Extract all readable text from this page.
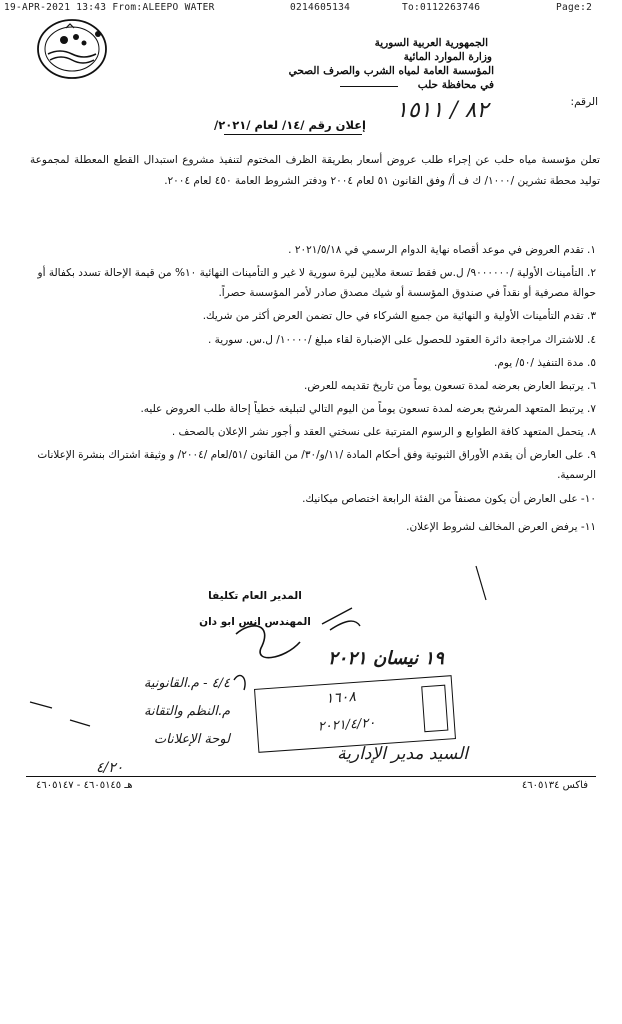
19-APR-2021 13:43 From:ALEEPO WATER	0214605134	To:0112263746	Page:2
الجمهورية العربية السورية
وزارة الموارد المائية
المؤسسة العامة لمياه الشرب والصرف الصحي
في محافظة حلب
الرقم:
٨٢ / ١٥١١
إعلان رقم /١٤/ لعام /٢٠٢١/
تعلن مؤسسة مياه حلب عن إجراء طلب عروض أسعار بطريقة الظرف المختوم لتنفيذ مشروع استبدال القطع المعطلة لمجموعة توليد محطة تشرين /١٠٠٠/ ك ف أ/ وفق القانون ٥١ لعام ٢٠٠٤ ودفتر الشروط العامة ٤٥٠ لعام ٢٠٠٤.
١. تقدم العروض في موعد أقصاه نهاية الدوام الرسمي في ٢٠٢١/٥/١٨ .
٢. التأمينات الأولية /٩٠٠٠٠٠٠/ ل.س فقط تسعة ملايين ليرة سورية لا غير و التأمينات النهائية ١٠% من قيمة الإحالة تسدد بكفالة أو حوالة مصرفية أو نقداً في صندوق المؤسسة أو شيك مصدق صادر لأمر المؤسسة حصراً.
٣. تقدم التأمينات الأولية و النهائية من جميع الشركاء في حال تضمن العرض أكثر من شريك.
٤. للاشتراك مراجعة دائرة العقود للحصول على الإضبارة لقاء مبلغ /١٠٠٠٠/ ل.س. سورية .
٥. مدة التنفيذ /٥٠/ يوم.
٦. يرتبط العارض بعرضه لمدة تسعون يوماً من تاريخ تقديمه للعرض.
٧. يرتبط المتعهد المرشح بعرضه لمدة تسعون يوماً من اليوم التالي لتبليغه خطياً إحالة طلب العروض عليه.
٨. يتحمل المتعهد كافة الطوابع و الرسوم المترتبة على نسختي العقد و أجور نشر الإعلان بالصحف .
٩. على العارض أن يقدم الأوراق الثبوتية وفق أحكام المادة /١١/و/٣٠/ من القانون /٥١/لعام /٢٠٠٤/ و وثيقة اشتراك بنشرة الإعلانات الرسمية.
١٠- على العارض أن يكون مصنفاً من الفئة الرابعة اختصاص ميكانيك.
١١- يرفض العرض المخالف لشروط الإعلان.
المدير العام تكليفا
المهندس انس ابو دان
١٩ نيسان ٢٠٢١
٤/٤ - م.القانونية
م.النظم والتقانة
لوحة الإعلانات
٤/٢٠
١٦٠٨
٢٠٢١/٤/٢٠
السيد مدير الإدارية
هـ ٤٦٠٥١٤٥ - ٤٦٠٥١٤٧	فاكس ٤٦٠٥١٣٤
